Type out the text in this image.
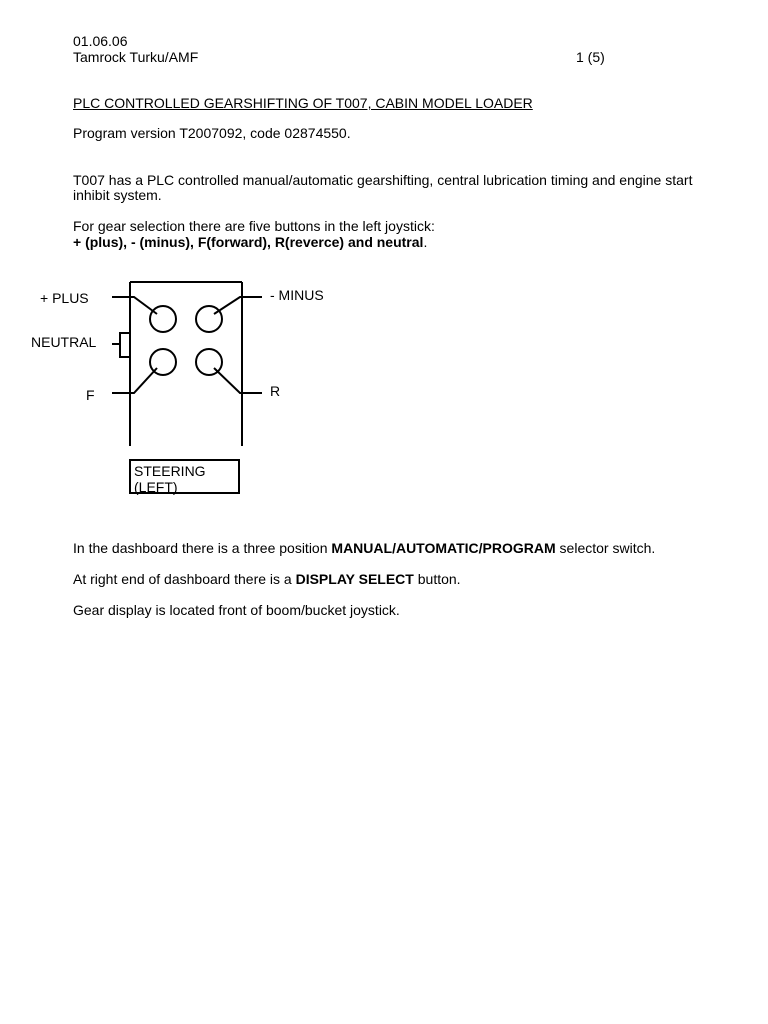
01.06.06
Tamrock Turku/AMF	1 (5)
PLC CONTROLLED GEARSHIFTING OF T007, CABIN MODEL LOADER
Program version T2007092, code 02874550.
T007 has a PLC controlled manual/automatic gearshifting, central lubrication timing and engine start inhibit system.
For gear selection there are five buttons in the left joystick:
+ (plus), - (minus), F(forward), R(reverce) and neutral.
+ PLUS	- MINUS
NEUTRAL
F	R
STEERING
(LEFT)
In the dashboard there is a three position MANUAL/AUTOMATIC/PROGRAM selector switch.
At right end of dashboard there is a DISPLAY SELECT button.
Gear display is located front of boom/bucket joystick.
